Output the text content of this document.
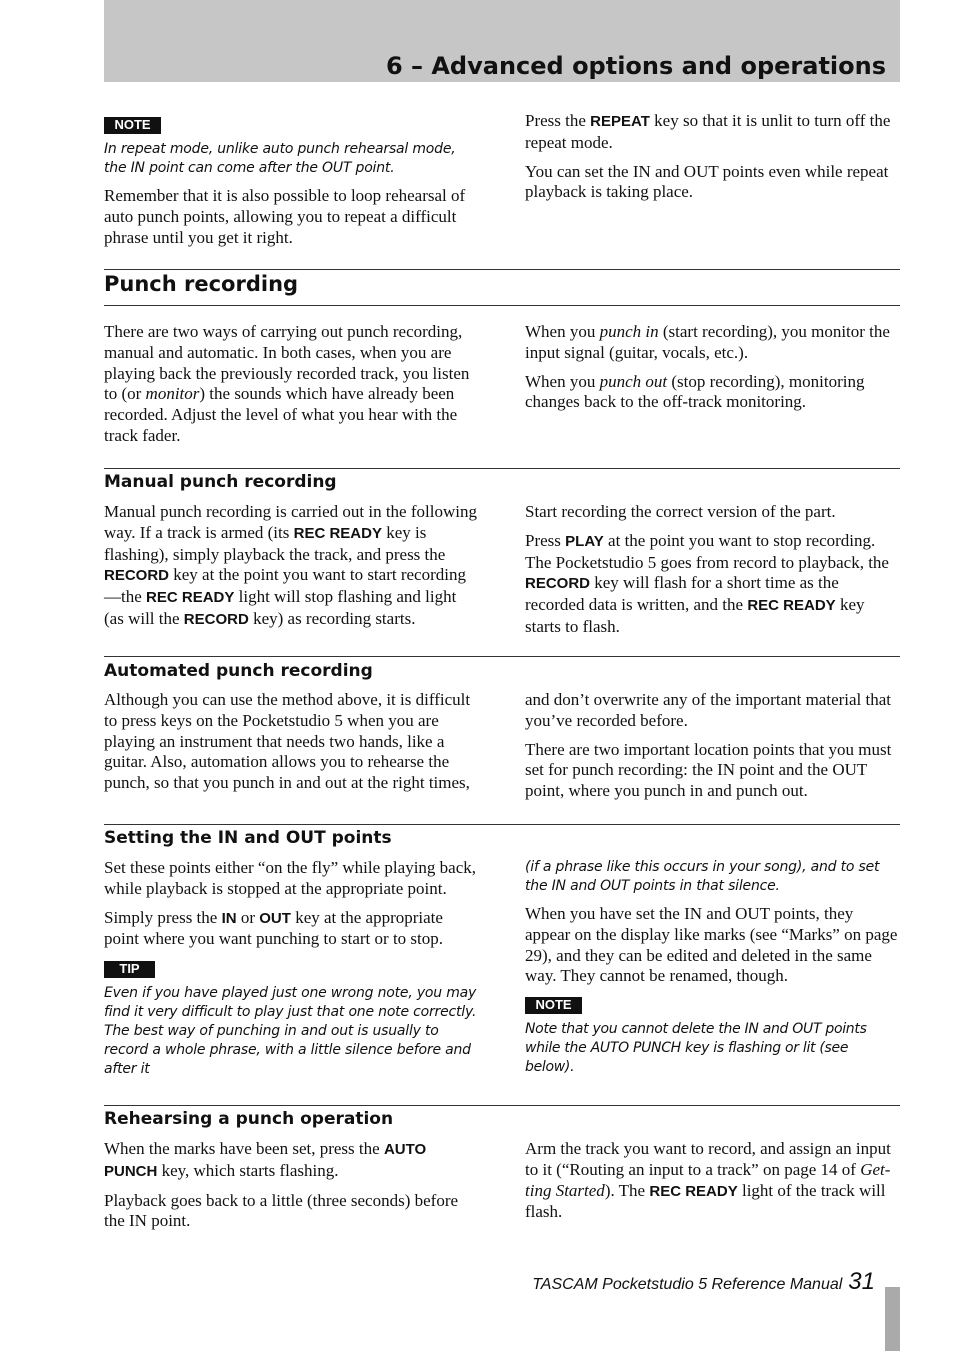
6 – Advanced options and operations
NOTE

In repeat mode, unlike auto punch rehearsal mode, the IN point can come after the OUT point.

Remember that it is also possible to loop rehearsal of auto punch points, allowing you to repeat a difficult phrase until you get it right.

Press the REPEAT key so that it is unlit to turn off the repeat mode.

You can set the IN and OUT points even while repeat playback is taking place.

Punch recording

There are two ways of carrying out punch recording, manual and automatic. In both cases, when you are playing back the previously recorded track, you listen to (or monitor) the sounds which have already been recorded. Adjust the level of what you hear with the track fader.

When you punch in (start recording), you monitor the input signal (guitar, vocals, etc.).

When you punch out (stop recording), monitoring changes back to the off-track monitoring.

Manual punch recording

Manual punch recording is carried out in the following way. If a track is armed (its REC READY key is flashing), simply playback the track, and press the RECORD key at the point you want to start recording—the REC READY light will stop flashing and light (as will the RECORD key) as recording starts.

Start recording the correct version of the part.

Press PLAY at the point you want to stop recording. The Pocketstudio 5 goes from record to playback, the RECORD key will flash for a short time as the recorded data is written, and the REC READY key starts to flash.

Automated punch recording

Although you can use the method above, it is difficult to press keys on the Pocketstudio 5 when you are playing an instrument that needs two hands, like a guitar. Also, automation allows you to rehearse the punch, so that you punch in and out at the right times,

and don’t overwrite any of the important material that you’ve recorded before.

There are two important location points that you must set for punch recording: the IN point and the OUT point, where you punch in and punch out.

Setting the IN and OUT points

Set these points either “on the fly” while playing back, while playback is stopped at the appropriate point.

Simply press the IN or OUT key at the appropriate point where you want punching to start or to stop.

TIP

Even if you have played just one wrong note, you may find it very difficult to play just that one note correctly. The best way of punching in and out is usually to record a whole phrase, with a little silence before and after it

(if a phrase like this occurs in your song), and to set the IN and OUT points in that silence.

When you have set the IN and OUT points, they appear on the display like marks (see “Marks” on page 29), and they can be edited and deleted in the same way. They cannot be renamed, though.

NOTE

Note that you cannot delete the IN and OUT points while the AUTO PUNCH key is flashing or lit (see below).

Rehearsing a punch operation

When the marks have been set, press the AUTO PUNCH key, which starts flashing.

Playback goes back to a little (three seconds) before the IN point.

Arm the track you want to record, and assign an input to it (“Routing an input to a track” on page 14 of Getting Started). The REC READY light of the track will flash.

TASCAM Pocketstudio 5 Reference Manual 31
